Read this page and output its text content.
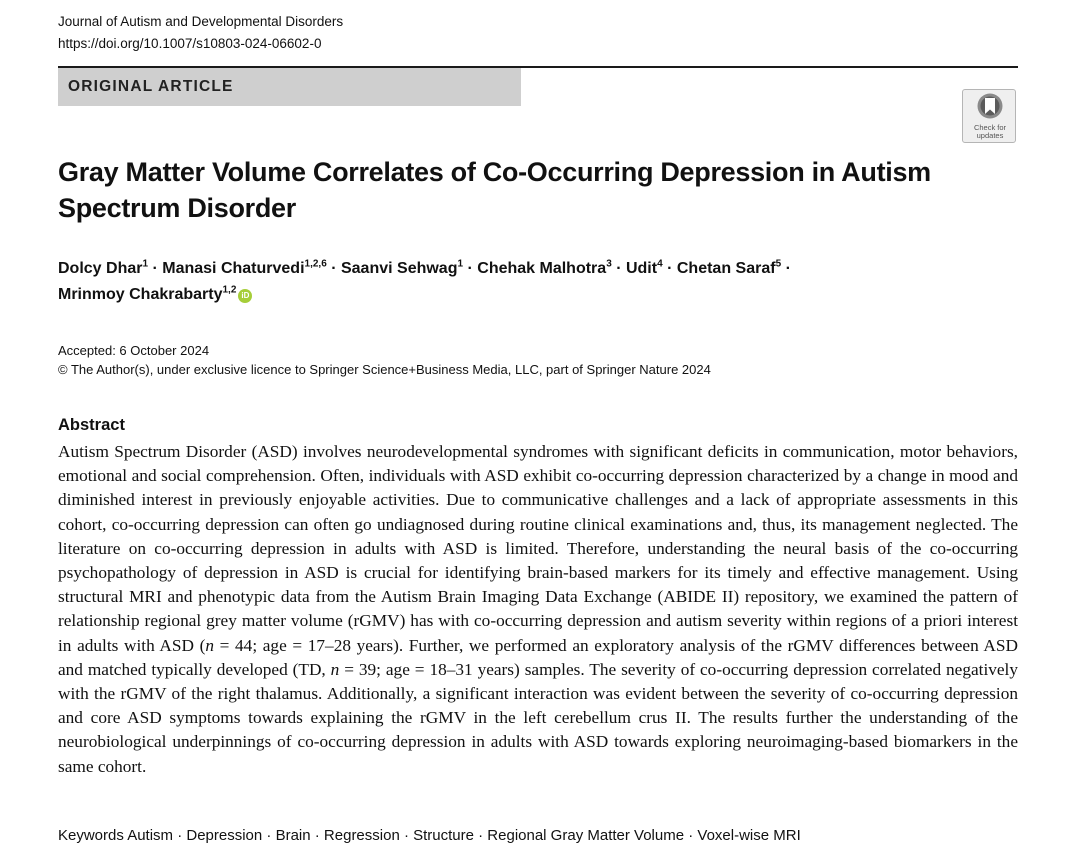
Journal of Autism and Developmental Disorders
https://doi.org/10.1007/s10803-024-06602-0
ORIGINAL ARTICLE
Check for
updates
Gray Matter Volume Correlates of Co-Occurring Depression in Autism Spectrum Disorder
Dolcy Dhar$^1$ · Manasi Chaturvedi$^{1,2,6}$ · Saanvi Sehwag$^1$ · Chehak Malhotra$^3$ · Udit$^4$ · Chetan Saraf$^5$ ·
Mrinmoy Chakrabarty$^{1,2}$ iD
Accepted: 6 October 2024
© The Author(s), under exclusive licence to Springer Science+Business Media, LLC, part of Springer Nature 2024
Abstract

Autism Spectrum Disorder (ASD) involves neurodevelopmental syndromes with significant deficits in communication, motor behaviors, emotional and social comprehension. Often, individuals with ASD exhibit co-occurring depression characterized by a change in mood and diminished interest in previously enjoyable activities. Due to communicative challenges and a lack of appropriate assessments in this cohort, co-occurring depression can often go undiagnosed during routine clinical examinations and, thus, its management neglected. The literature on co-occurring depression in adults with ASD is limited. Therefore, understanding the neural basis of the co-occurring psychopathology of depression in ASD is crucial for identifying brain-based markers for its timely and effective management. Using structural MRI and phenotypic data from the Autism Brain Imaging Data Exchange (ABIDE II) repository, we examined the pattern of relationship regional grey matter volume (rGMV) has with co-occurring depression and autism severity within regions of a priori interest in adults with ASD (n = 44; age = 17–28 years). Further, we performed an exploratory analysis of the rGMV differences between ASD and matched typically developed (TD, n = 39; age = 18–31 years) samples. The severity of co-occurring depression correlated negatively with the rGMV of the right thalamus. Additionally, a significant interaction was evident between the severity of co-occurring depression and core ASD symptoms towards explaining the rGMV in the left cerebellum crus II. The results further the understanding of the neurobiological underpinnings of co-occurring depression in adults with ASD towards exploring neuroimaging-based biomarkers in the same cohort.

Keywords Autism · Depression · Brain · Regression · Structure · Regional Gray Matter Volume · Voxel-wise MRI
